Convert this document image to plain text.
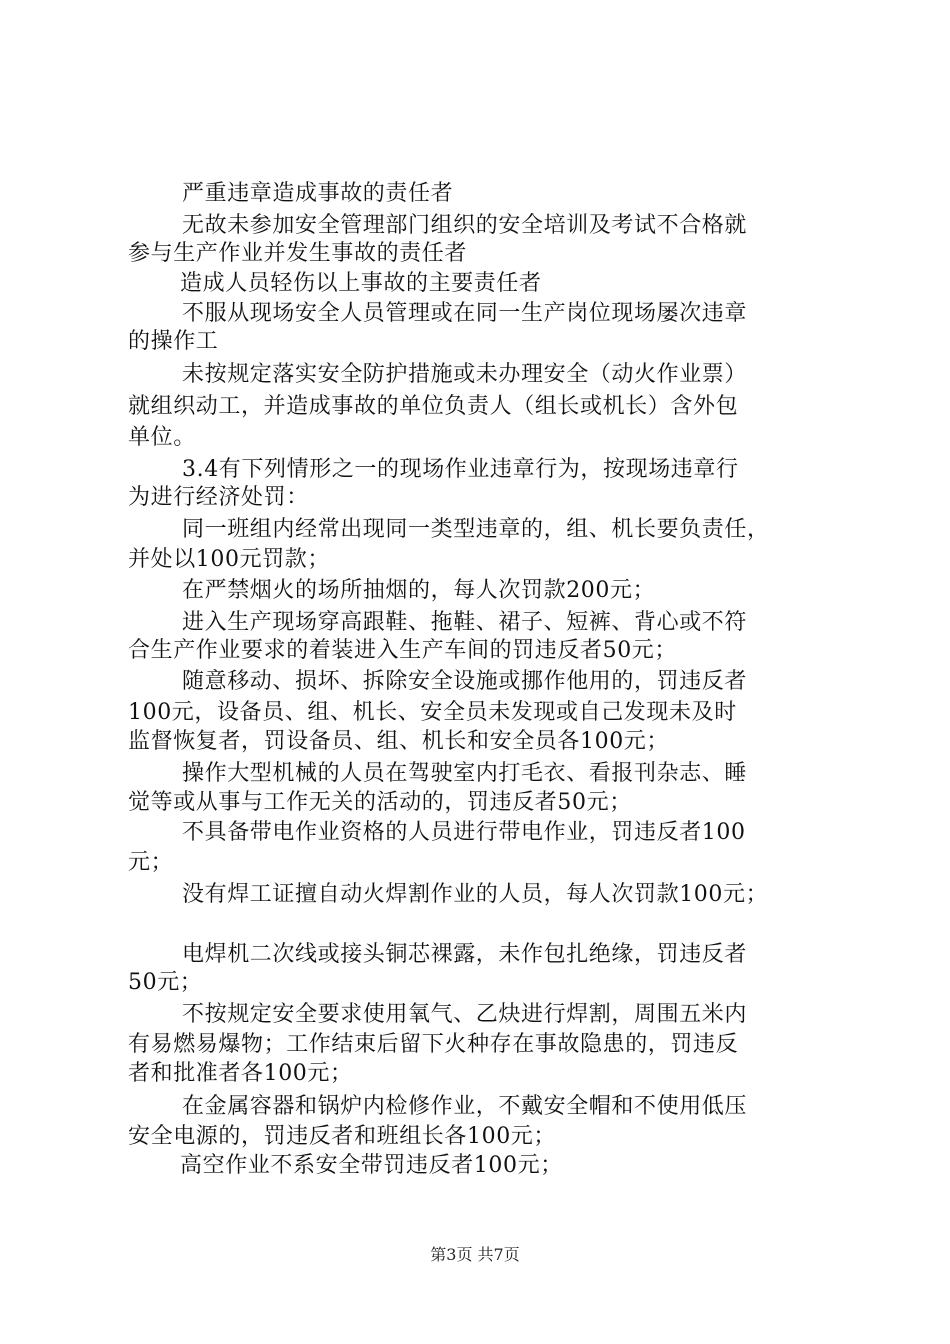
严重违章造成事故的责任者
无故未参加安全管理部门组织的安全培训及考试不合格就
参与生产作业并发生事故的责任者
造成人员轻伤以上事故的主要责任者
不服从现场安全人员管理或在同一生产岗位现场屡次违章
的操作工
未按规定落实安全防护措施或未办理安全（动火作业票）
就组织动工，并造成事故的单位负责人（组长或机长）含外包
单位。
3.4有下列情形之一的现场作业违章行为，按现场违章行
为进行经济处罚：
同一班组内经常出现同一类型违章的，组、机长要负责任，
并处以100元罚款；
在严禁烟火的场所抽烟的，每人次罚款200元；
进入生产现场穿高跟鞋、拖鞋、裙子、短裤、背心或不符
合生产作业要求的着装进入生产车间的罚违反者50元；
随意移动、损坏、拆除安全设施或挪作他用的，罚违反者
100元，设备员、组、机长、安全员未发现或自己发现未及时
监督恢复者，罚设备员、组、机长和安全员各100元；
操作大型机械的人员在驾驶室内打毛衣、看报刊杂志、睡
觉等或从事与工作无关的活动的，罚违反者50元；
不具备带电作业资格的人员进行带电作业，罚违反者100
元；
没有焊工证擅自动火焊割作业的人员，每人次罚款100元；
电焊机二次线或接头铜芯裸露，未作包扎绝缘，罚违反者
50元；
不按规定安全要求使用氧气、乙炔进行焊割，周围五米内
有易燃易爆物；工作结束后留下火种存在事故隐患的，罚违反
者和批准者各100元；
在金属容器和锅炉内检修作业，不戴安全帽和不使用低压
安全电源的，罚违反者和班组长各100元；
高空作业不系安全带罚违反者100元；
第3页 共7页
